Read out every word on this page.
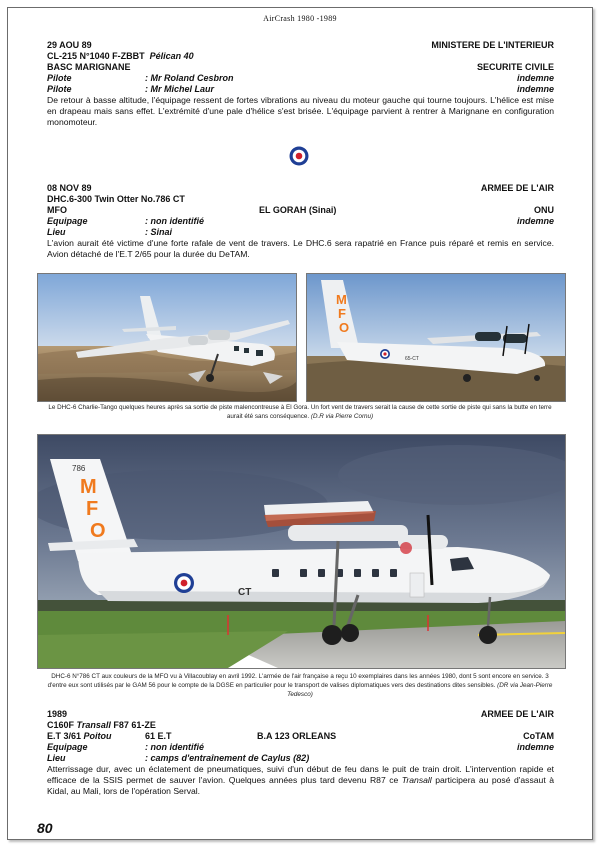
AirCrash 1980 -1989
29 AOU 89	MINISTERE DE L'INTERIEUR
CL-215 N°1040 F-ZBBT Pélican 40
BASC MARIGNANE	SECURITE CIVILE
Pilote	: Mr Roland Cesbron	indemne
Pilote	: Mr Michel Laur	indemne
De retour à basse altitude, l'équipage ressent de fortes vibrations au niveau du moteur gauche qui tourne toujours. L'hélice est mise en drapeau mais sans effet. L'extrémité d'une pale d'hélice s'est brisée. L'équipage parvient à rentrer à Marignane en configuration monomoteur.
08 NOV 89	ARMEE DE L'AIR
DHC.6-300 Twin Otter No.786 CT
MFO	EL GORAH (Sinai)	ONU
Equipage	: non identifié	indemne
Lieu	: Sinai
L'avion aurait été victime d'une forte rafale de vent de travers. Le DHC.6 sera rapatrié en France puis réparé et remis en service. Avion détaché de l'E.T 2/65 pour la durée du DeTAM.
M
F
O
65-CT
Le DHC-6 Charlie-Tango quelques heures après sa sortie de piste malencontreuse à El Gora. Un fort vent de travers serait la cause de cette sortie de piste qui sans la butte en terre aurait été sans conséquence. (D.R via Pierre Cornu)
786
M
F
O
CT
DHC-6 N°786 CT aux couleurs de la MFO vu à Villacoublay en avril 1992. L'armée de l'air française a reçu 10 exemplaires dans les années 1980, dont 5 sont encore en service. 3 d'entre eux sont utilisés par le GAM 56 pour le compte de la DGSE en particulier pour le transport de valises diplomatiques vers des destinations dites sensibles. (DR via Jean-Pierre Tedesco)
1989	ARMEE DE L'AIR
C160F Transall F87 61-ZE
E.T 3/61 Poitou	61 E.T	B.A 123 ORLEANS	CoTAM
Equipage	: non identifié	indemne
Lieu	: camps d'entraînement de Caylus (82)
Atterrissage dur, avec un éclatement de pneumatiques, suivi d'un début de feu dans le puit de train droit. L'intervention rapide et efficace de la SSIS permet de sauver l'avion. Quelques années plus tard devenu R87 ce Transall participera au posé d'assaut à Kidal, au Mali, lors de l'opération Serval.
80
